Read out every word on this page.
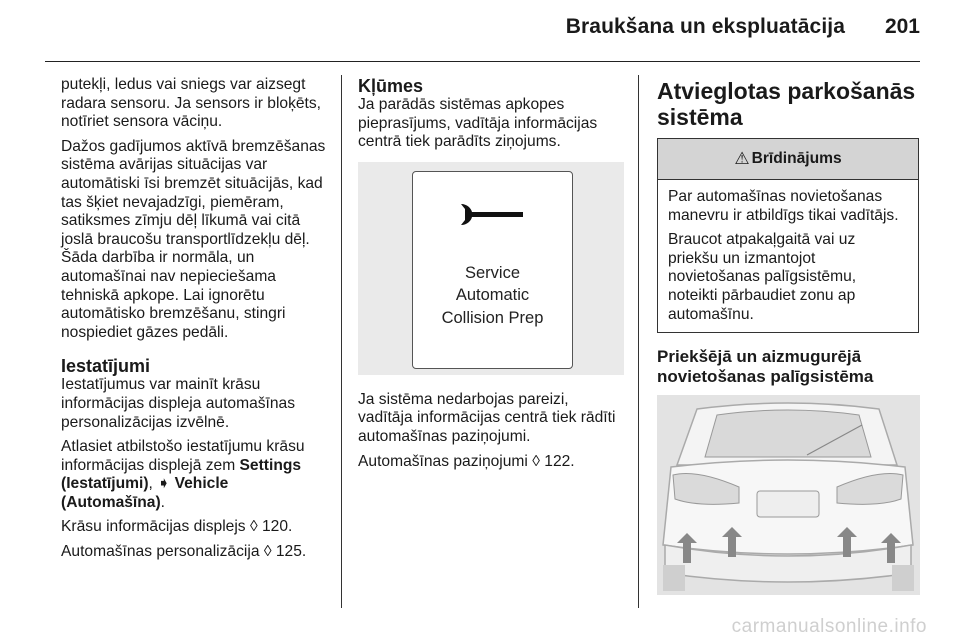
Braukšana un ekspluatācija 201

putekļi, ledus vai sniegs var aizsegt radara sensoru. Ja sensors ir bloķēts, notīriet sensora vāciņu.

Dažos gadījumos aktīvā bremzēšanas sistēma avārijas situācijas var automātiski īsi bremzēt situācijās, kad tas šķiet nevajadzīgi, piemēram, satiksmes zīmju dēļ līkumā vai citā joslā braucošu transportlīdzekļu dēļ. Šāda darbība ir normāla, un automašīnai nav nepieciešama tehniskā apkope. Lai ignorētu automātisko bremzēšanu, stingri nospiediet gāzes pedāli.

Iestatījumi

Iestatījumus var mainīt krāsu informācijas displeja automašīnas personalizācijas izvēlnē.

Atlasiet atbilstošo iestatījumu krāsu informācijas displejā zem Settings (Iestatījumi), ➧ Vehicle (Automašīna).

Krāsu informācijas displejs ◊ 120.

Automašīnas personalizācija ◊ 125.

Kļūmes

Ja parādās sistēmas apkopes pieprasījums, vadītāja informācijas centrā tiek parādīts ziņojums.

Service
Automatic
Collision Prep

Ja sistēma nedarbojas pareizi, vadītāja informācijas centrā tiek rādīti automašīnas paziņojumi.

Automašīnas paziņojumi ◊ 122.

Atvieglotas parkošanās sistēma
⚠ Brīdinājums

Par automašīnas novietošanas manevru ir atbildīgs tikai vadītājs.

Braucot atpakaļgaitā vai uz priekšu un izmantojot novietošanas palīgsistēmu, noteikti pārbaudiet zonu ap automašīnu.

Priekšējā un aizmugurējā novietošanas palīgsistēma
carmanualsonline.info
